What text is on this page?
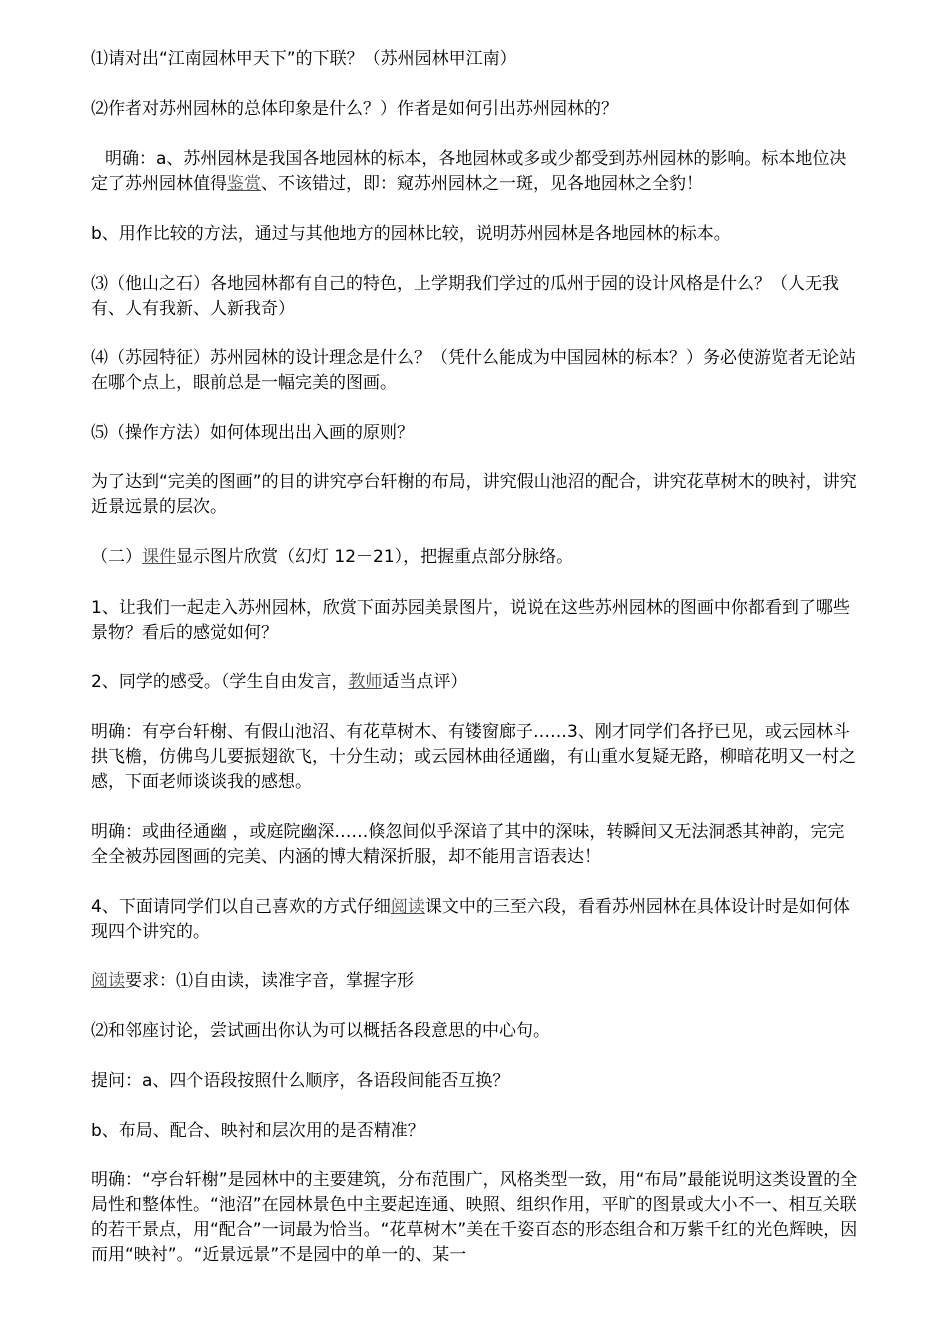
⑴请对出“江南园林甲天下”的下联？（苏州园林甲江南）

⑵作者对苏州园林的总体印象是什么？）作者是如何引出苏州园林的？

明确：a、苏州园林是我国各地园林的标本，各地园林或多或少都受到苏州园林的影响。标本地位决定了苏州园林值得鉴赏、不该错过，即：窥苏州园林之一斑，见各地园林之全豹！

b、用作比较的方法，通过与其他地方的园林比较，说明苏州园林是各地园林的标本。

⑶（他山之石）各地园林都有自己的特色，上学期我们学过的瓜州于园的设计风格是什么？（人无我有、人有我新、人新我奇）

⑷（苏园特征）苏州园林的设计理念是什么？（凭什么能成为中国园林的标本？）务必使游览者无论站在哪个点上，眼前总是一幅完美的图画。

⑸（操作方法）如何体现出出入画的原则？

为了达到“完美的图画”的目的讲究亭台轩榭的布局，讲究假山池沼的配合，讲究花草树木的映衬，讲究近景远景的层次。

（二）课件显示图片欣赏（幻灯 12－21），把握重点部分脉络。

1、让我们一起走入苏州园林，欣赏下面苏园美景图片，说说在这些苏州园林的图画中你都看到了哪些景物？看后的感觉如何？

2、同学的感受。（学生自由发言，教师适当点评）

明确：有亭台轩榭、有假山池沼、有花草树木、有镂窗廊子……3、刚才同学们各抒已见，或云园林斗拱飞檐，仿佛鸟儿要振翅欲飞，十分生动；或云园林曲径通幽，有山重水复疑无路，柳暗花明又一村之感，下面老师谈谈我的感想。

明确：或曲径通幽 ，或庭院幽深……倏忽间似乎深谙了其中的深味，转瞬间又无法洞悉其神韵，完完全全被苏园图画的完美、内涵的博大精深折服，却不能用言语表达！

4、下面请同学们以自己喜欢的方式仔细阅读课文中的三至六段，看看苏州园林在具体设计时是如何体现四个讲究的。

阅读要求：⑴自由读，读准字音，掌握字形

⑵和邻座讨论，尝试画出你认为可以概括各段意思的中心句。

提问：a、四个语段按照什么顺序，各语段间能否互换？

b、布局、配合、映衬和层次用的是否精准？

明确：“亭台轩榭”是园林中的主要建筑，分布范围广，风格类型一致，用“布局”最能说明这类设置的全局性和整体性。“池沼”在园林景色中主要起连通、映照、组织作用，平旷的图景或大小不一、相互关联的若干景点，用“配合”一词最为恰当。“花草树木”美在千姿百态的形态组合和万紫千红的光色辉映，因而用“映衬”。“近景远景”不是园中的单一的、某一
